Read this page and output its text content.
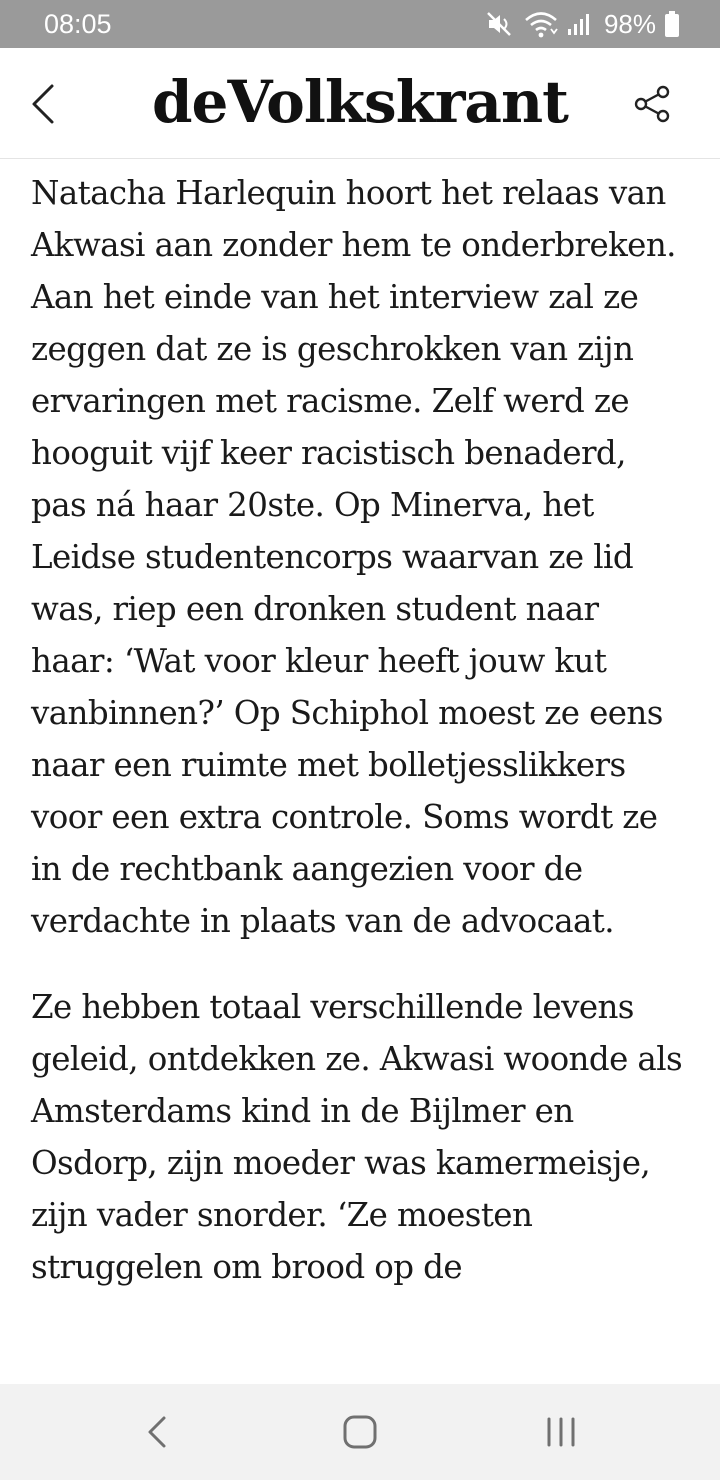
08:05	98%
deVolkskrant

Natacha Harlequin hoort het relaas van Akwasi aan zonder hem te onderbreken. Aan het einde van het interview zal ze zeggen dat ze is geschrokken van zijn ervaringen met racisme. Zelf werd ze hooguit vijf keer racistisch benaderd, pas ná haar 20ste. Op Minerva, het Leidse studentencorps waarvan ze lid was, riep een dronken student naar haar: ‘Wat voor kleur heeft jouw kut vanbinnen?’ Op Schiphol moest ze eens naar een ruimte met bolletjesslikkers voor een extra controle. Soms wordt ze in de rechtbank aangezien voor de verdachte in plaats van de advocaat.

Ze hebben totaal verschillende levens geleid, ontdekken ze. Akwasi woonde als Amsterdams kind in de Bijlmer en Osdorp, zijn moeder was kamermeisje, zijn vader snorder. ‘Ze moesten struggelen om brood op de
